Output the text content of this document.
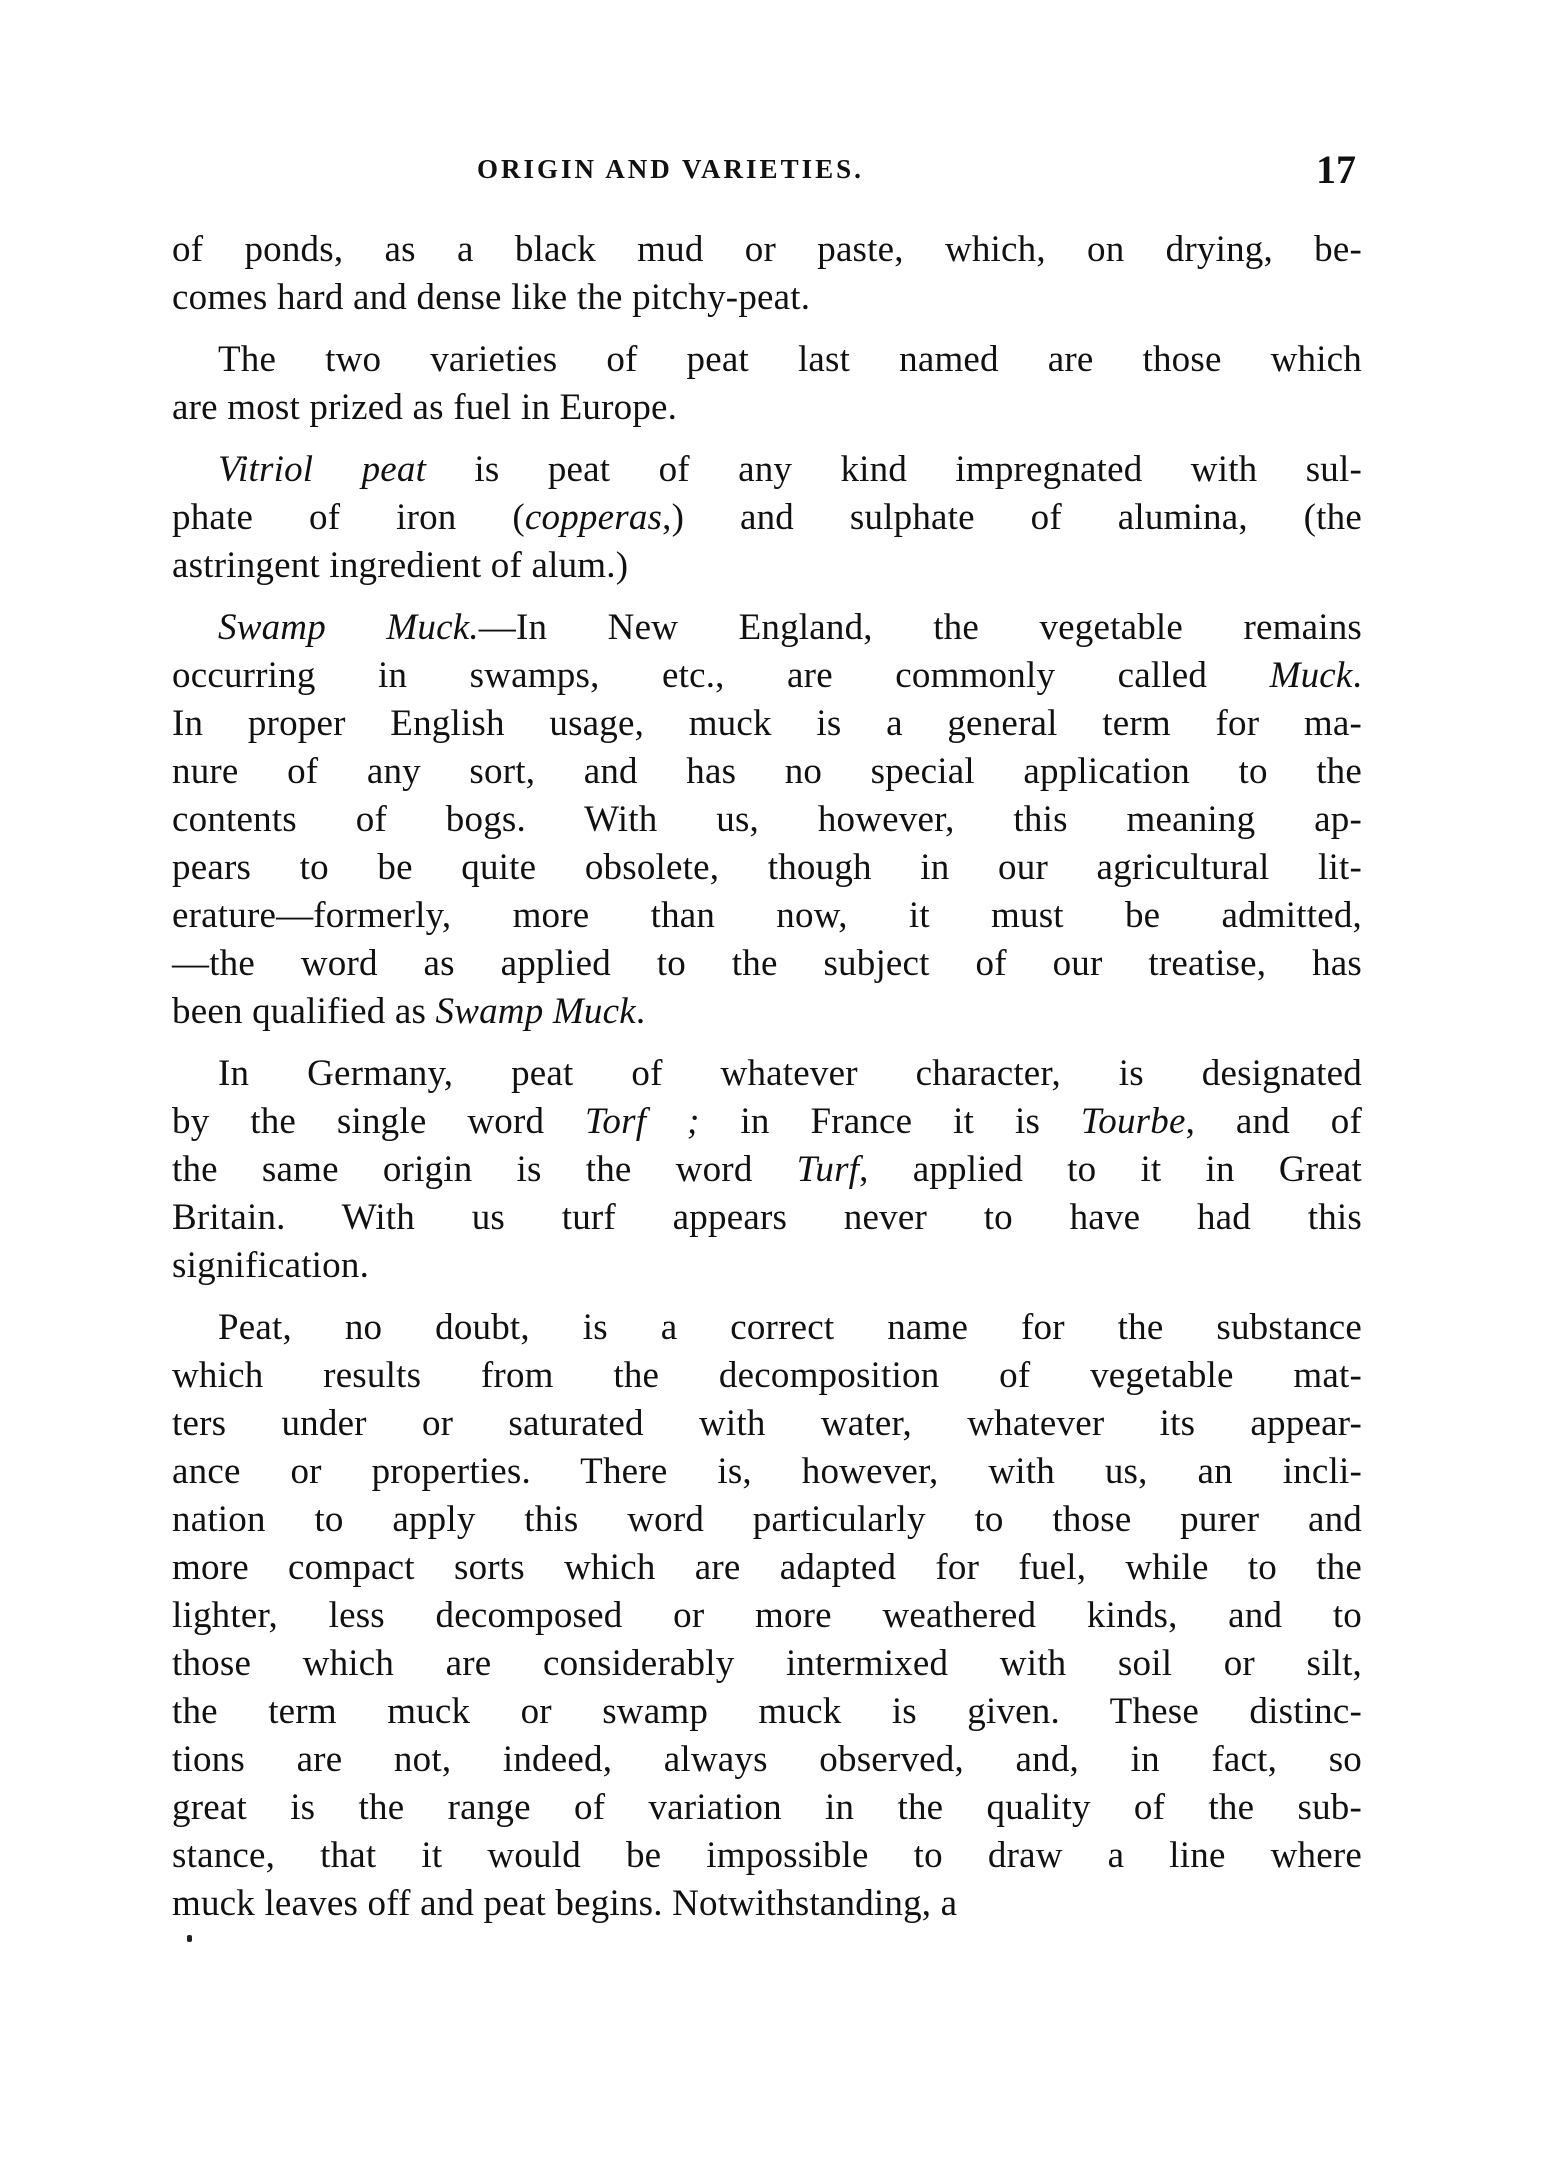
ORIGIN AND VARIETIES.	17
of ponds, as a black mud or paste, which, on drying, be-
comes hard and dense like the pitchy-peat.
The two varieties of peat last named are those which
are most prized as fuel in Europe.
Vitriol peat is peat of any kind impregnated with sul-
phate of iron (copperas,) and sulphate of alumina, (the
astringent ingredient of alum.)
Swamp Muck.—In New England, the vegetable remains
occurring in swamps, etc., are commonly called Muck.
In proper English usage, muck is a general term for ma-
nure of any sort, and has no special application to the
contents of bogs. With us, however, this meaning ap-
pears to be quite obsolete, though in our agricultural lit-
erature—formerly, more than now, it must be admitted,
—the word as applied to the subject of our treatise, has
been qualified as Swamp Muck.
In Germany, peat of whatever character, is designated
by the single word Torf ; in France it is Tourbe, and of
the same origin is the word Turf, applied to it in Great
Britain. With us turf appears never to have had this
signification.
Peat, no doubt, is a correct name for the substance
which results from the decomposition of vegetable mat-
ters under or saturated with water, whatever its appear-
ance or properties. There is, however, with us, an incli-
nation to apply this word particularly to those purer and
more compact sorts which are adapted for fuel, while to the
lighter, less decomposed or more weathered kinds, and to
those which are considerably intermixed with soil or silt,
the term muck or swamp muck is given. These distinc-
tions are not, indeed, always observed, and, in fact, so
great is the range of variation in the quality of the sub-
stance, that it would be impossible to draw a line where
muck leaves off and peat begins. Notwithstanding, a
